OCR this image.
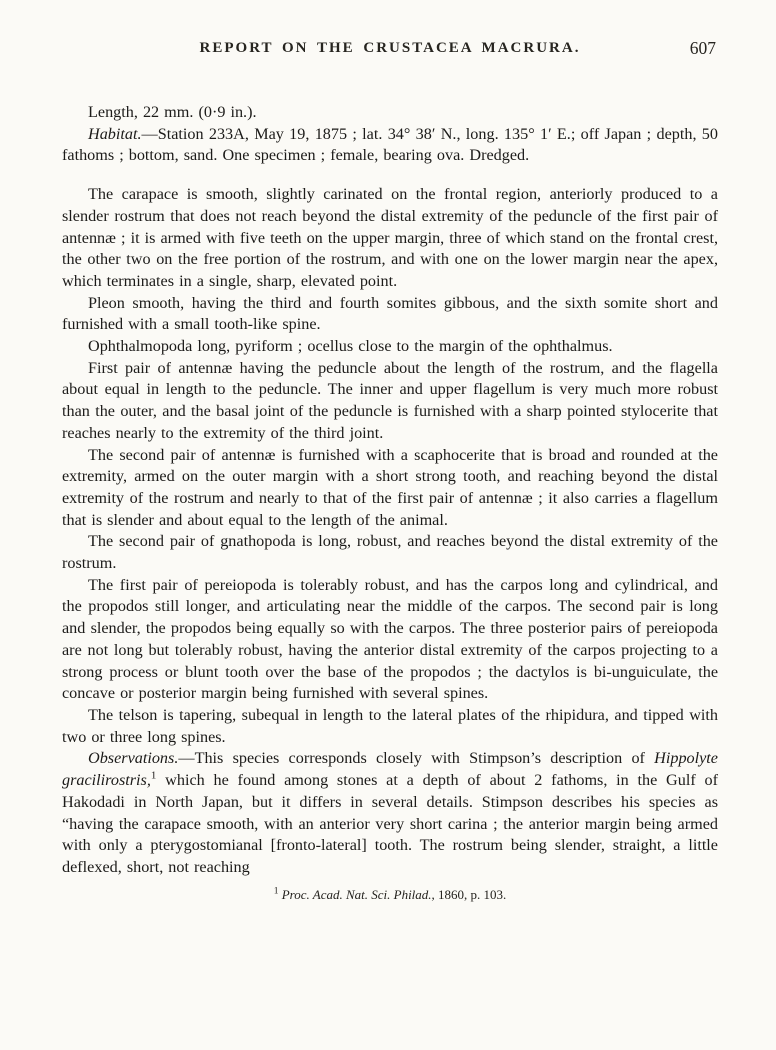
REPORT ON THE CRUSTACEA MACRURA.	607

Length, 22 mm. (0·9 in.).

Habitat.—Station 233A, May 19, 1875 ; lat. 34° 38′ N., long. 135° 1′ E.; off Japan ; depth, 50 fathoms ; bottom, sand. One specimen ; female, bearing ova. Dredged.

The carapace is smooth, slightly carinated on the frontal region, anteriorly produced to a slender rostrum that does not reach beyond the distal extremity of the peduncle of the first pair of antennæ ; it is armed with five teeth on the upper margin, three of which stand on the frontal crest, the other two on the free portion of the rostrum, and with one on the lower margin near the apex, which terminates in a single, sharp, elevated point.

Pleon smooth, having the third and fourth somites gibbous, and the sixth somite short and furnished with a small tooth-like spine.

Ophthalmopoda long, pyriform ; ocellus close to the margin of the ophthalmus.

First pair of antennæ having the peduncle about the length of the rostrum, and the flagella about equal in length to the peduncle. The inner and upper flagellum is very much more robust than the outer, and the basal joint of the peduncle is furnished with a sharp pointed stylocerite that reaches nearly to the extremity of the third joint.

The second pair of antennæ is furnished with a scaphocerite that is broad and rounded at the extremity, armed on the outer margin with a short strong tooth, and reaching beyond the distal extremity of the rostrum and nearly to that of the first pair of antennæ ; it also carries a flagellum that is slender and about equal to the length of the animal.

The second pair of gnathopoda is long, robust, and reaches beyond the distal extremity of the rostrum.

The first pair of pereiopoda is tolerably robust, and has the carpos long and cylindrical, and the propodos still longer, and articulating near the middle of the carpos. The second pair is long and slender, the propodos being equally so with the carpos. The three posterior pairs of pereiopoda are not long but tolerably robust, having the anterior distal extremity of the carpos projecting to a strong process or blunt tooth over the base of the propodos ; the dactylos is bi-unguiculate, the concave or posterior margin being furnished with several spines.

The telson is tapering, subequal in length to the lateral plates of the rhipidura, and tipped with two or three long spines.

Observations.—This species corresponds closely with Stimpson’s description of Hippolyte gracilirostris,$^1$ which he found among stones at a depth of about 2 fathoms, in the Gulf of Hakodadi in North Japan, but it differs in several details. Stimpson describes his species as “having the carapace smooth, with an anterior very short carina ; the anterior margin being armed with only a pterygostomianal [fronto-lateral] tooth. The rostrum being slender, straight, a little deflexed, short, not reaching

$^1$ Proc. Acad. Nat. Sci. Philad., 1860, p. 103.
